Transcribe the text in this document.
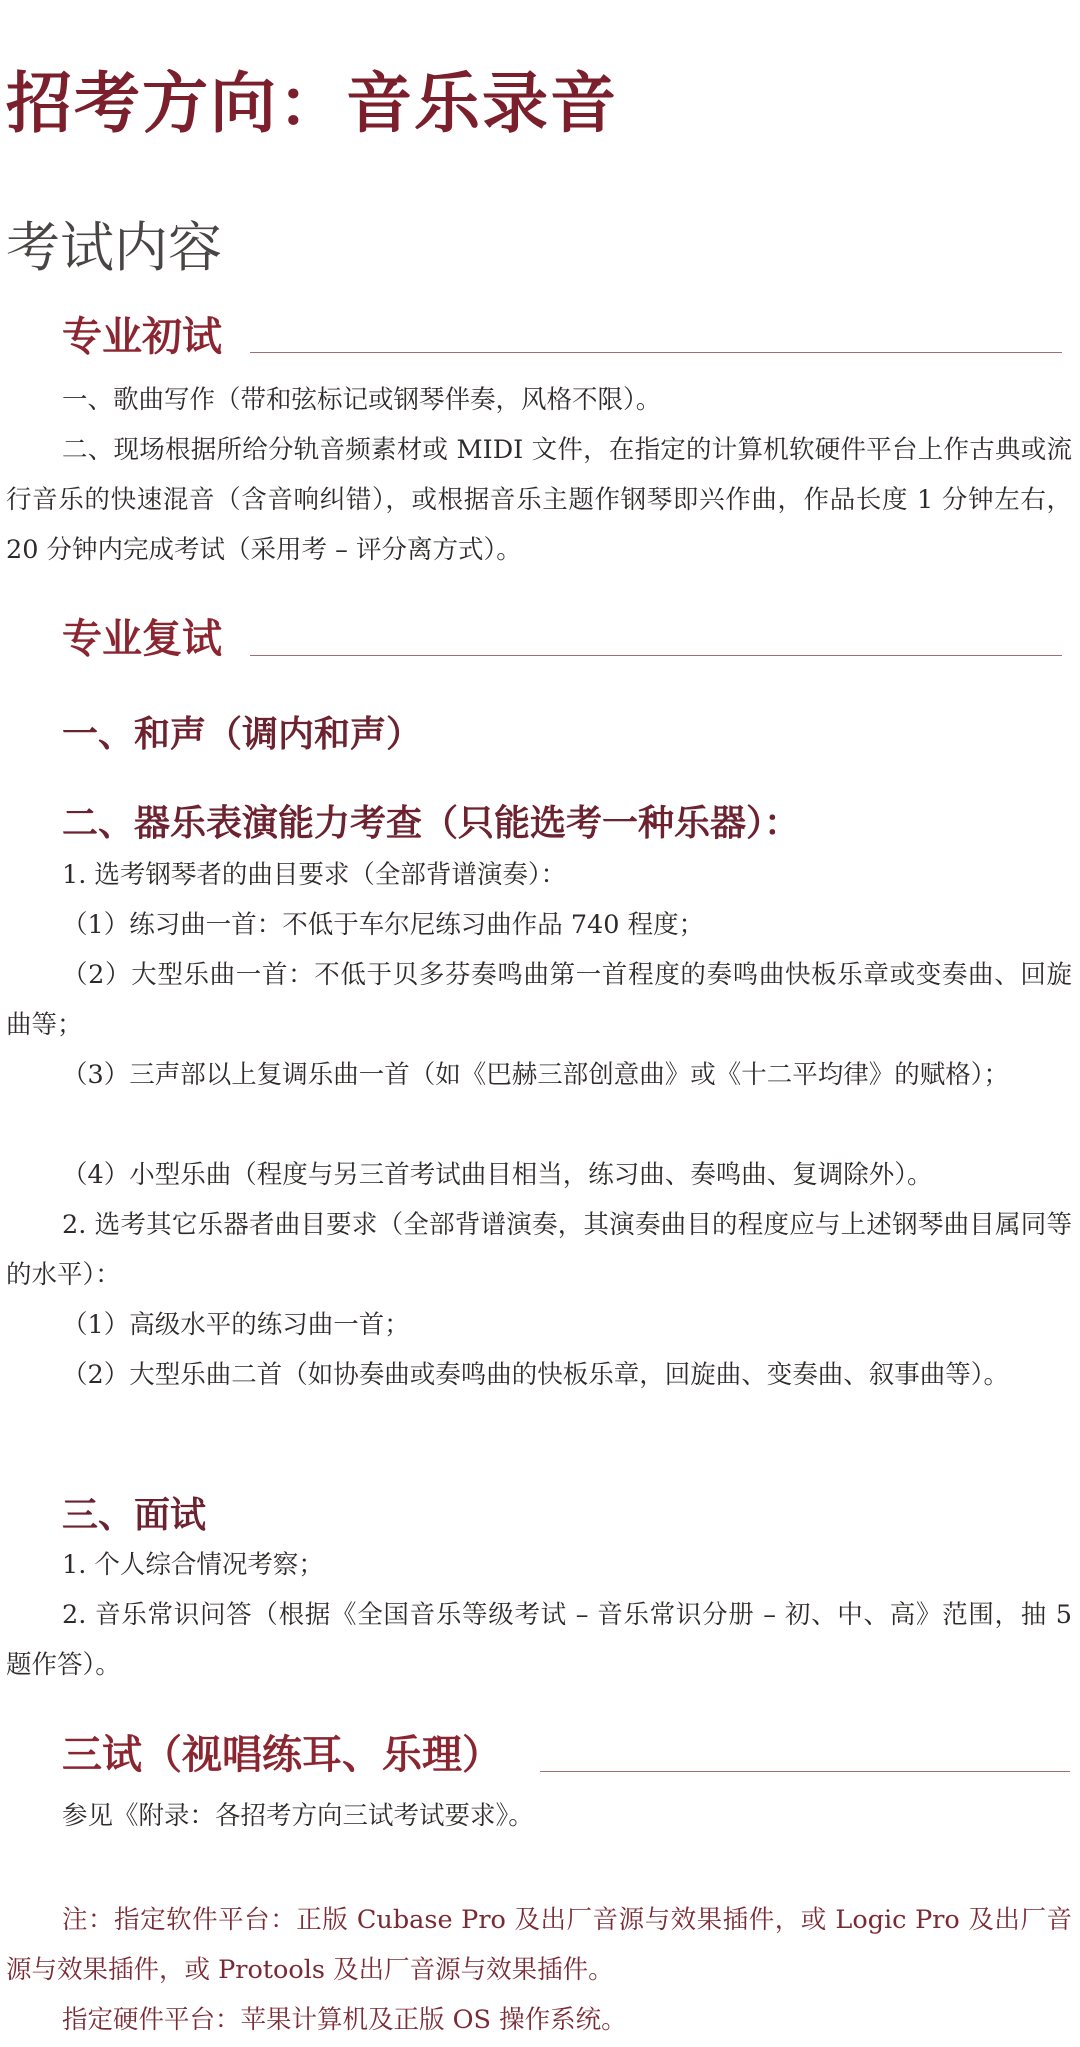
招考方向：音乐录音
考试内容
专业初试
一、歌曲写作（带和弦标记或钢琴伴奏，风格不限）。
二、现场根据所给分轨音频素材或 MIDI 文件，在指定的计算机软硬件平台上作古典或流行音乐的快速混音（含音响纠错），或根据音乐主题作钢琴即兴作曲，作品长度 1 分钟左右，20 分钟内完成考试（采用考 – 评分离方式）。
专业复试
一、和声（调内和声）
二、器乐表演能力考查（只能选考一种乐器）：
1. 选考钢琴者的曲目要求（全部背谱演奏）：
（1）练习曲一首：不低于车尔尼练习曲作品 740 程度；
（2）大型乐曲一首：不低于贝多芬奏鸣曲第一首程度的奏鸣曲快板乐章或变奏曲、回旋曲等；
（3）三声部以上复调乐曲一首（如《巴赫三部创意曲》或《十二平均律》的赋格）；
（4）小型乐曲（程度与另三首考试曲目相当，练习曲、奏鸣曲、复调除外）。
2. 选考其它乐器者曲目要求（全部背谱演奏，其演奏曲目的程度应与上述钢琴曲目属同等的水平）：
（1）高级水平的练习曲一首；
（2）大型乐曲二首（如协奏曲或奏鸣曲的快板乐章，回旋曲、变奏曲、叙事曲等）。
三、面试
1. 个人综合情况考察；
2. 音乐常识问答（根据《全国音乐等级考试 – 音乐常识分册 – 初、中、高》范围，抽 5 题作答）。
三试（视唱练耳、乐理）
参见《附录：各招考方向三试考试要求》。
注：指定软件平台：正版 Cubase Pro 及出厂音源与效果插件，或 Logic Pro 及出厂音源与效果插件，或 Protools 及出厂音源与效果插件。
指定硬件平台：苹果计算机及正版 OS 操作系统。
